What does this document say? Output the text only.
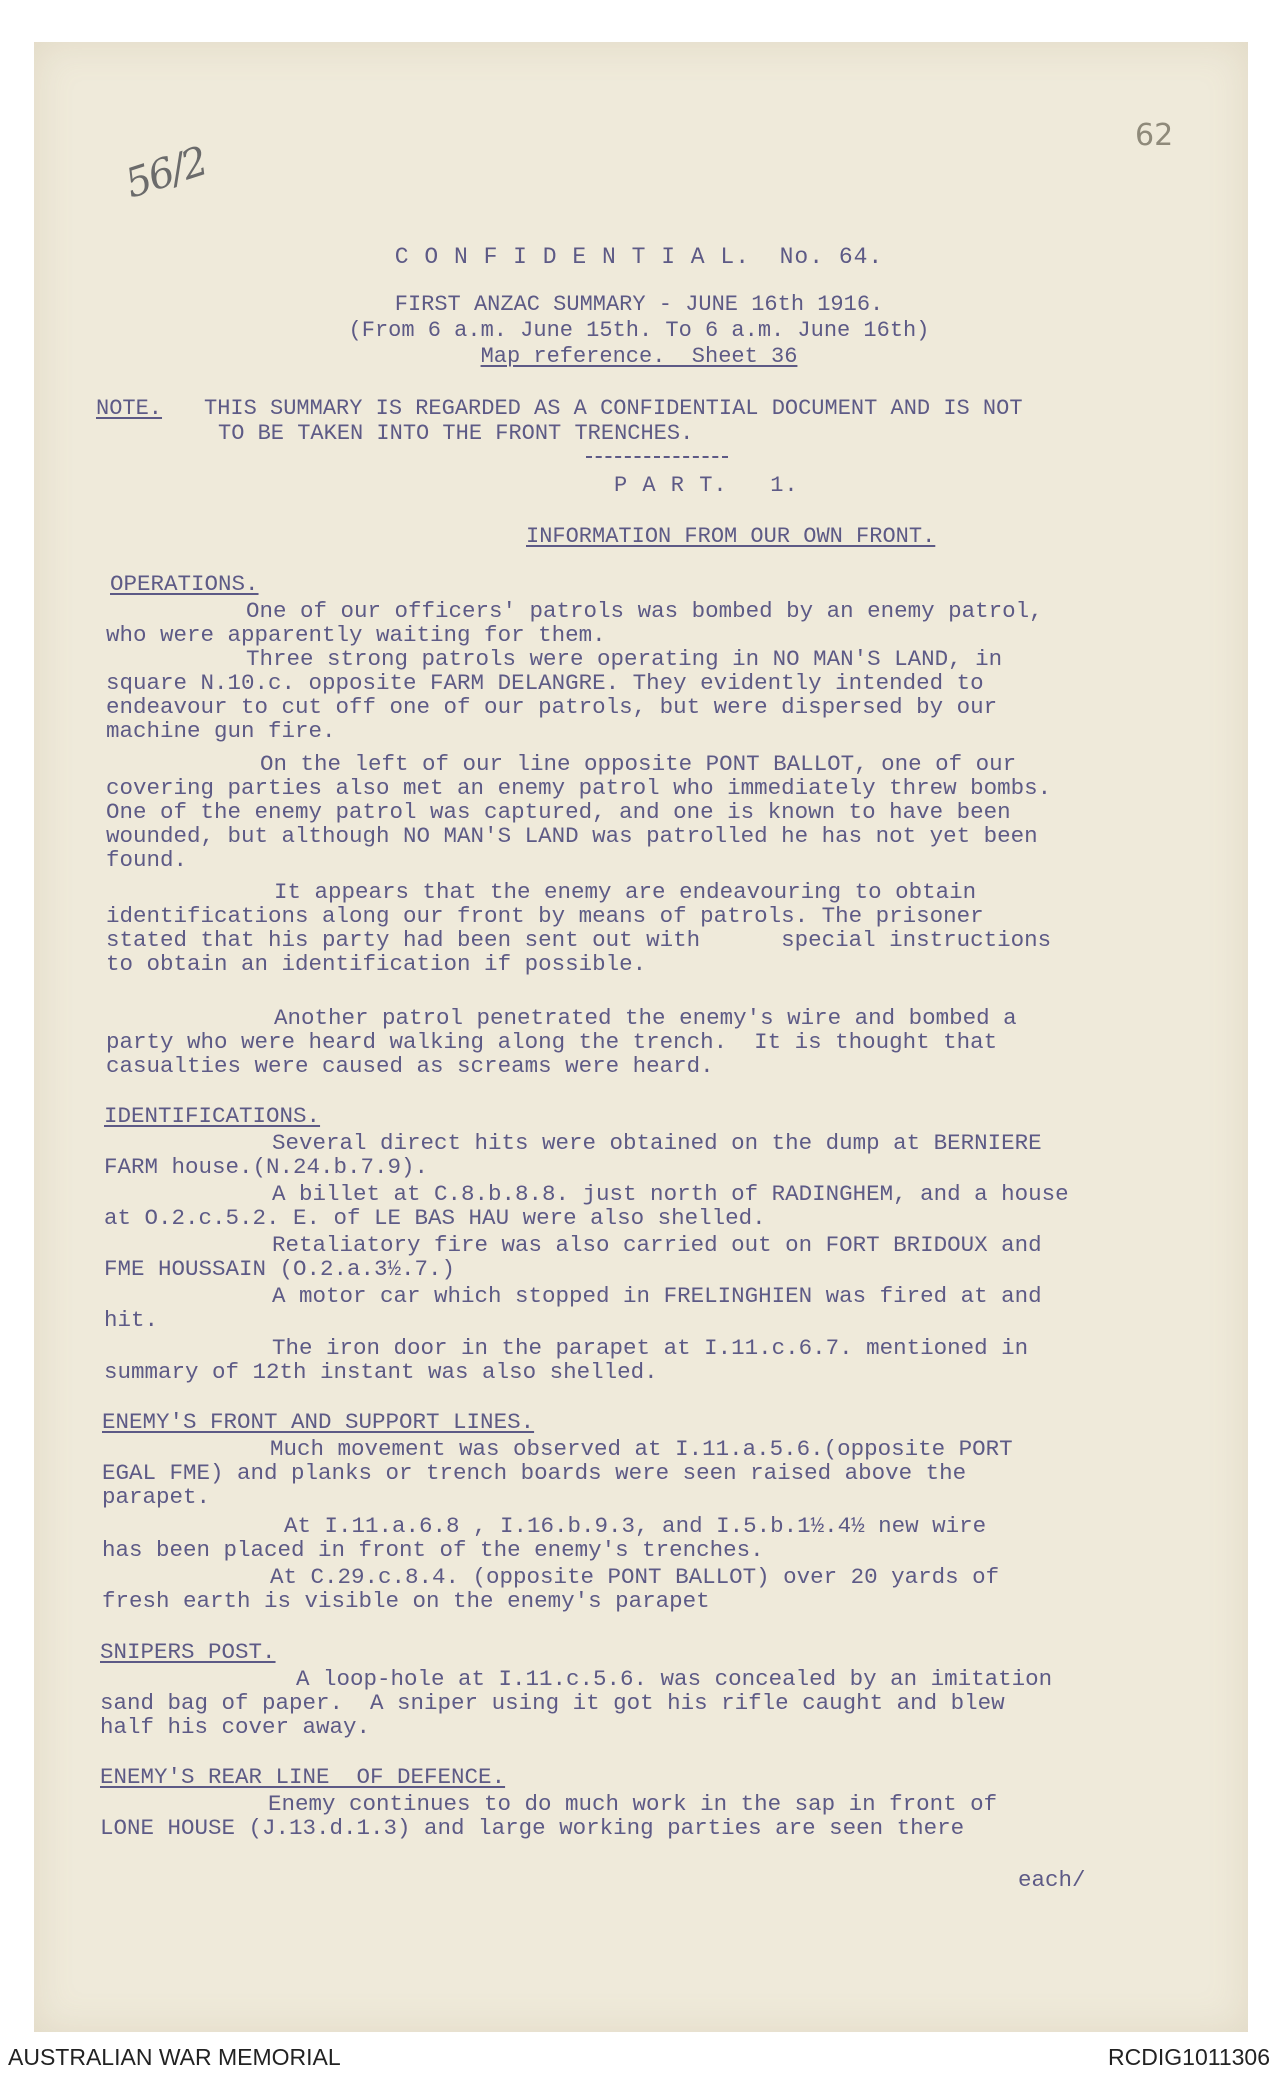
62
56/2
C O N F I D E N T I A L.  No. 64.
FIRST ANZAC SUMMARY - JUNE 16th 1916.
(From 6 a.m. June 15th. To 6 a.m. June 16th)
Map reference.  Sheet 36
NOTE. THIS SUMMARY IS REGARDED AS A CONFIDENTIAL DOCUMENT AND IS NOT
TO BE TAKEN INTO THE FRONT TRENCHES.
P A R T.   1.
INFORMATION FROM OUR OWN FRONT.
OPERATIONS.
One of our officers' patrols was bombed by an enemy patrol,
who were apparently waiting for them.
Three strong patrols were operating in NO MAN'S LAND, in
square N.10.c. opposite FARM DELANGRE. They evidently intended to
endeavour to cut off one of our patrols, but were dispersed by our
machine gun fire.
On the left of our line opposite PONT BALLOT, one of our
covering parties also met an enemy patrol who immediately threw bombs.
One of the enemy patrol was captured, and one is known to have been
wounded, but although NO MAN'S LAND was patrolled he has not yet been
found.
It appears that the enemy are endeavouring to obtain
identifications along our front by means of patrols. The prisoner
stated that his party had been sent out with      special instructions
to obtain an identification if possible.
Another patrol penetrated the enemy's wire and bombed a
party who were heard walking along the trench.  It is thought that
casualties were caused as screams were heard.
IDENTIFICATIONS.
Several direct hits were obtained on the dump at BERNIERE
FARM house.(N.24.b.7.9).
A billet at C.8.b.8.8. just north of RADINGHEM, and a house
at O.2.c.5.2. E. of LE BAS HAU were also shelled.
Retaliatory fire was also carried out on FORT BRIDOUX and
FME HOUSSAIN (O.2.a.3½.7.)
A motor car which stopped in FRELINGHIEN was fired at and
hit.
The iron door in the parapet at I.11.c.6.7. mentioned in
summary of 12th instant was also shelled.
ENEMY'S FRONT AND SUPPORT LINES.
Much movement was observed at I.11.a.5.6.(opposite PORT
EGAL FME) and planks or trench boards were seen raised above the
parapet.
At I.11.a.6.8 , I.16.b.9.3, and I.5.b.1½.4½ new wire
has been placed in front of the enemy's trenches.
At C.29.c.8.4. (opposite PONT BALLOT) over 20 yards of
fresh earth is visible on the enemy's parapet
SNIPERS POST.
A loop-hole at I.11.c.5.6. was concealed by an imitation
sand bag of paper.  A sniper using it got his rifle caught and blew
half his cover away.
ENEMY'S REAR LINE  OF DEFENCE.
Enemy continues to do much work in the sap in front of
LONE HOUSE (J.13.d.1.3) and large working parties are seen there
each/
AUSTRALIAN WAR MEMORIAL	RCDIG1011306
